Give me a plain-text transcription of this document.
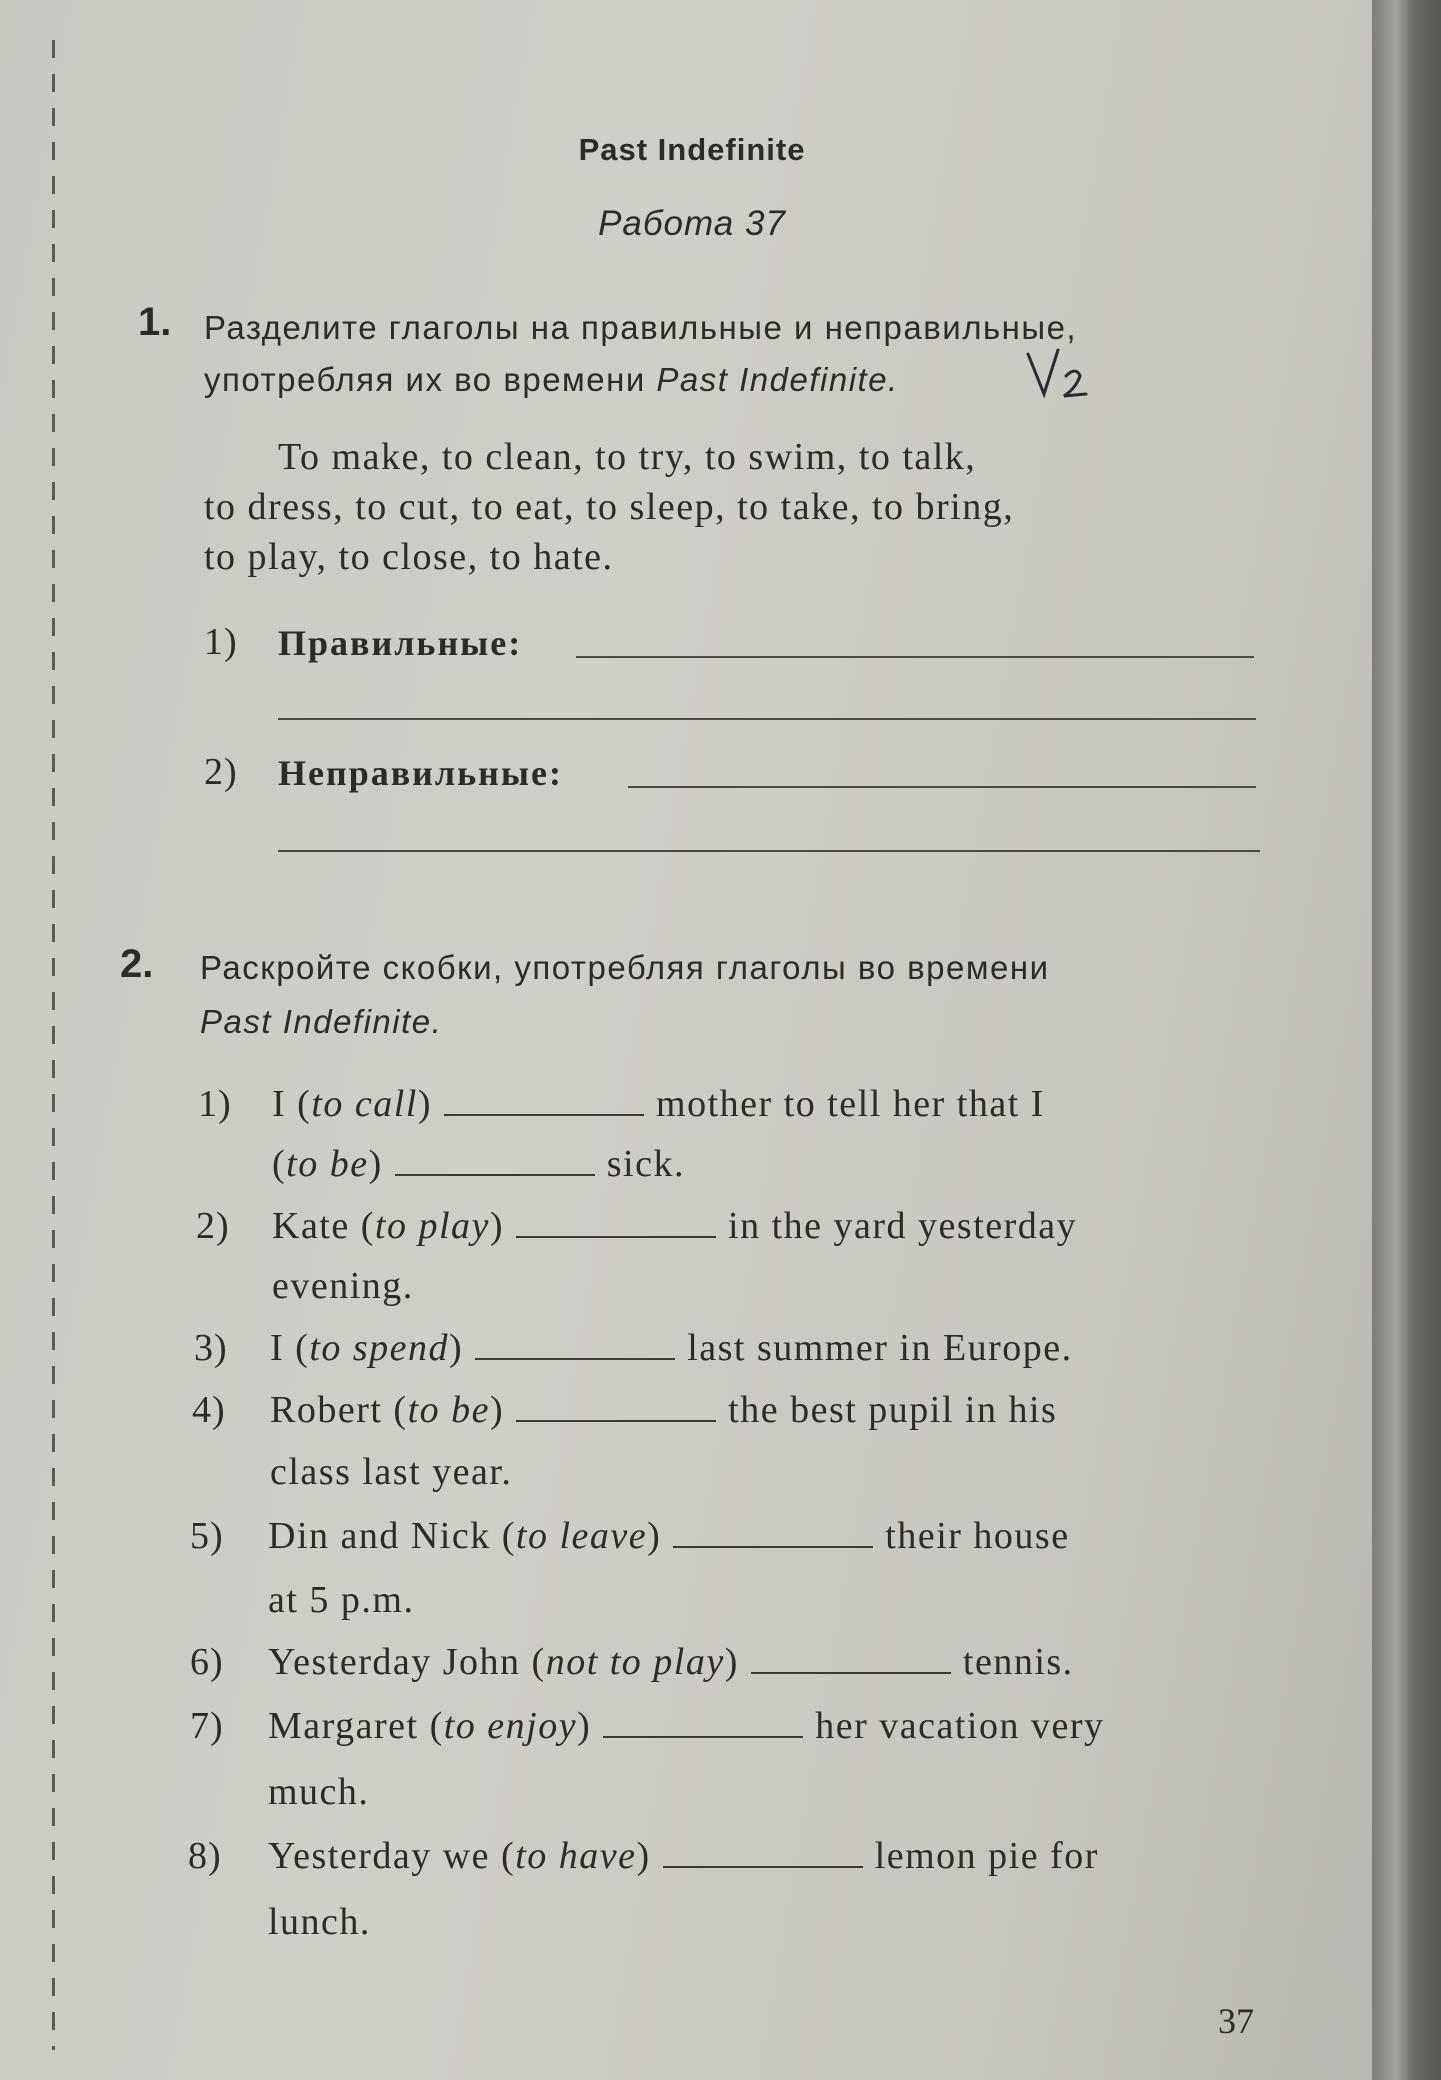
Past Indefinite
Работа 37
1. Разделите глаголы на правильные и неправильные,
употребляя их во времени Past Indefinite.
To make, to clean, to try, to swim, to talk,
to dress, to cut, to eat, to sleep, to take, to bring,
to play, to close, to hate.
1) Правильные:
2) Неправильные:
2. Раскройте скобки, употребляя глаголы во времени
Past Indefinite.
1) I (to call)	mother to tell her that I
(to be)	sick.
2) Kate (to play)	in the yard yesterday
evening.
3) I (to spend)	last summer in Europe.
4) Robert (to be)	the best pupil in his
class last year.
5) Din and Nick (to leave)	their house
at 5 p.m.
6) Yesterday John (not to play)	tennis.
7) Margaret (to enjoy)	her vacation very
much.
8) Yesterday we (to have)	lemon pie for
lunch.
37
